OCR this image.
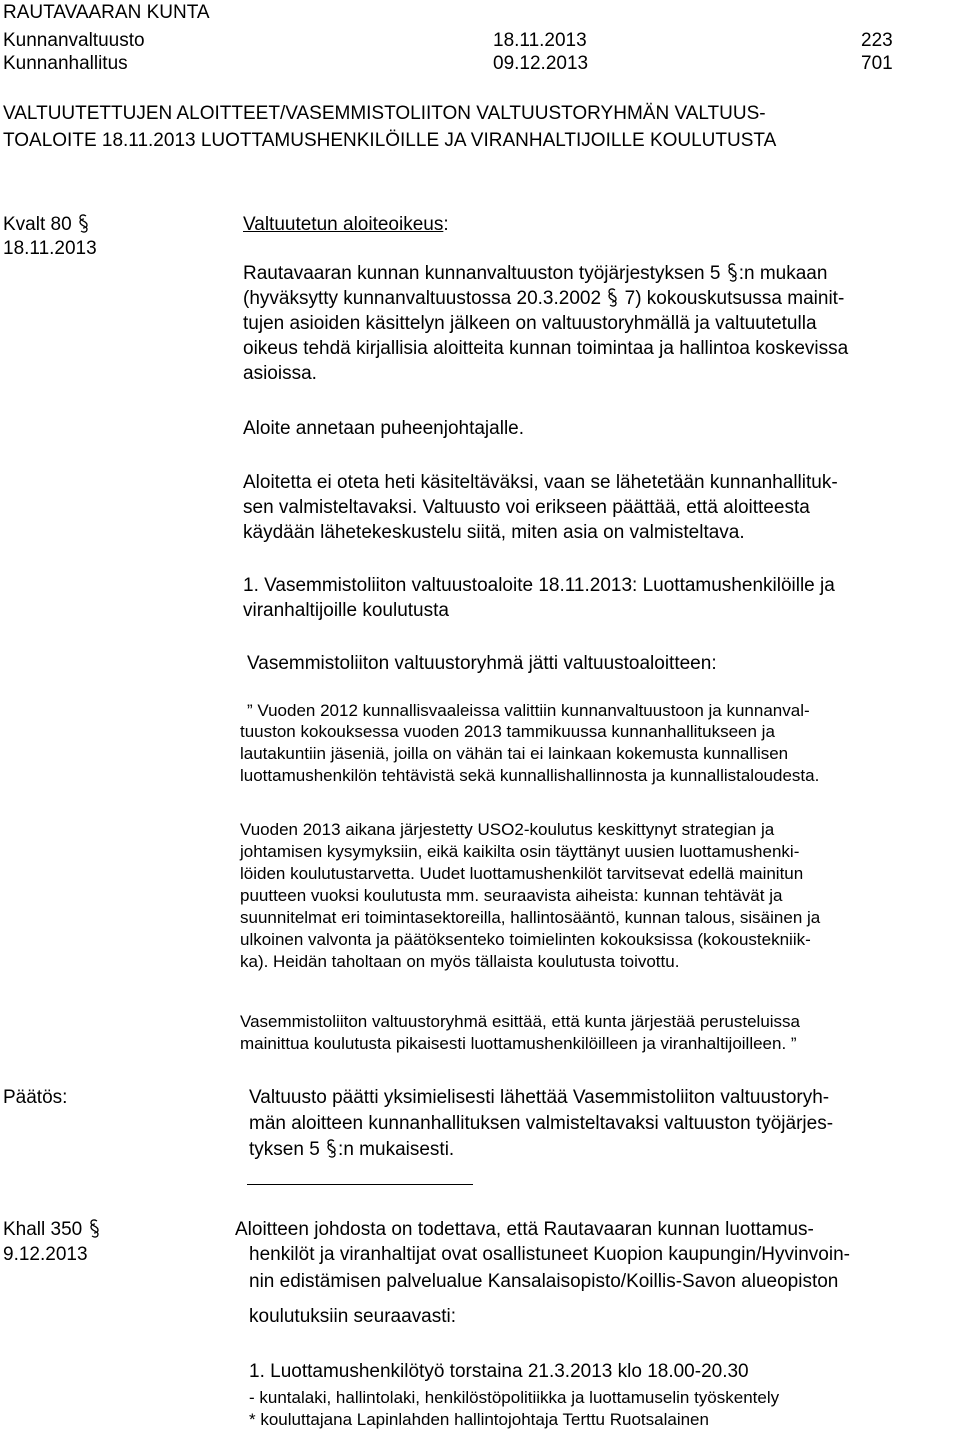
RAUTAVAARAN KUNTA
Kunnanvaltuusto	18.11.2013	223
Kunnanhallitus	09.12.2013	701
VALTUUTETTUJEN ALOITTEET/VASEMMISTOLIITON VALTUUSTORYHMÄN VALTUUS-
TOALOITE 18.11.2013 LUOTTAMUSHENKILÖILLE JA VIRANHALTIJOILLE KOULUTUSTA
Kvalt 80
18.11.2013
Valtuutetun aloiteoikeus:
Rautavaaran kunnan kunnanvaltuuston työjärjestyksen 5 :n mukaan
(hyväksytty kunnanvaltuustossa 20.3.2002 7) kokouskutsussa mainit-
tujen asioiden käsittelyn jälkeen on valtuustoryhmällä ja valtuutetulla
oikeus tehdä kirjallisia aloitteita kunnan toimintaa ja hallintoa koskevissa
asioissa.
Aloite annetaan puheenjohtajalle.
Aloitetta ei oteta heti käsiteltäväksi, vaan se lähetetään kunnanhallituk-
sen valmisteltavaksi. Valtuusto voi erikseen päättää, että aloitteesta
käydään lähetekeskustelu siitä, miten asia on valmisteltava.
1. Vasemmistoliiton valtuustoaloite 18.11.2013: Luottamushenkilöille ja
viranhaltijoille koulutusta
Vasemmistoliiton valtuustoryhmä jätti valtuustoaloitteen:
” Vuoden 2012 kunnallisvaaleissa valittiin kunnanvaltuustoon ja kunnanval-
tuuston kokouksessa vuoden 2013 tammikuussa kunnanhallitukseen ja
lautakuntiin jäseniä, joilla on vähän tai ei lainkaan kokemusta kunnallisen
luottamushenkilön tehtävistä sekä kunnallishallinnosta ja kunnallistaloudesta.
Vuoden 2013 aikana järjestetty USO2-koulutus keskittynyt strategian ja
johtamisen kysymyksiin, eikä kaikilta osin täyttänyt uusien luottamushenki-
löiden koulutustarvetta. Uudet luottamushenkilöt tarvitsevat edellä mainitun
puutteen vuoksi koulutusta mm. seuraavista aiheista: kunnan tehtävät ja
suunnitelmat eri toimintasektoreilla, hallintosääntö, kunnan talous, sisäinen ja
ulkoinen valvonta ja päätöksenteko toimielinten kokouksissa (kokoustekniik-
ka). Heidän taholtaan on myös tällaista koulutusta toivottu.
Vasemmistoliiton valtuustoryhmä esittää, että kunta järjestää perusteluissa
mainittua koulutusta pikaisesti luottamushenkilöilleen ja viranhaltijoilleen. ”
Päätös:	Valtuusto päätti yksimielisesti lähettää Vasemmistoliiton valtuustoryh-
män aloitteen kunnanhallituksen valmisteltavaksi valtuuston työjärjes-
tyksen 5 :n mukaisesti.
Khall 350
9.12.2013
Aloitteen johdosta on todettava, että Rautavaaran kunnan luottamus-
henkilöt ja viranhaltijat ovat osallistuneet Kuopion kaupungin/Hyvinvoin-
nin edistämisen palvelualue Kansalaisopisto/Koillis-Savon alueopiston
koulutuksiin seuraavasti:
1. Luottamushenkilötyö torstaina 21.3.2013 klo 18.00-20.30
- kuntalaki, hallintolaki, henkilöstöpolitiikka ja luottamuselin työskentely
* kouluttajana Lapinlahden hallintojohtaja Terttu Ruotsalainen
